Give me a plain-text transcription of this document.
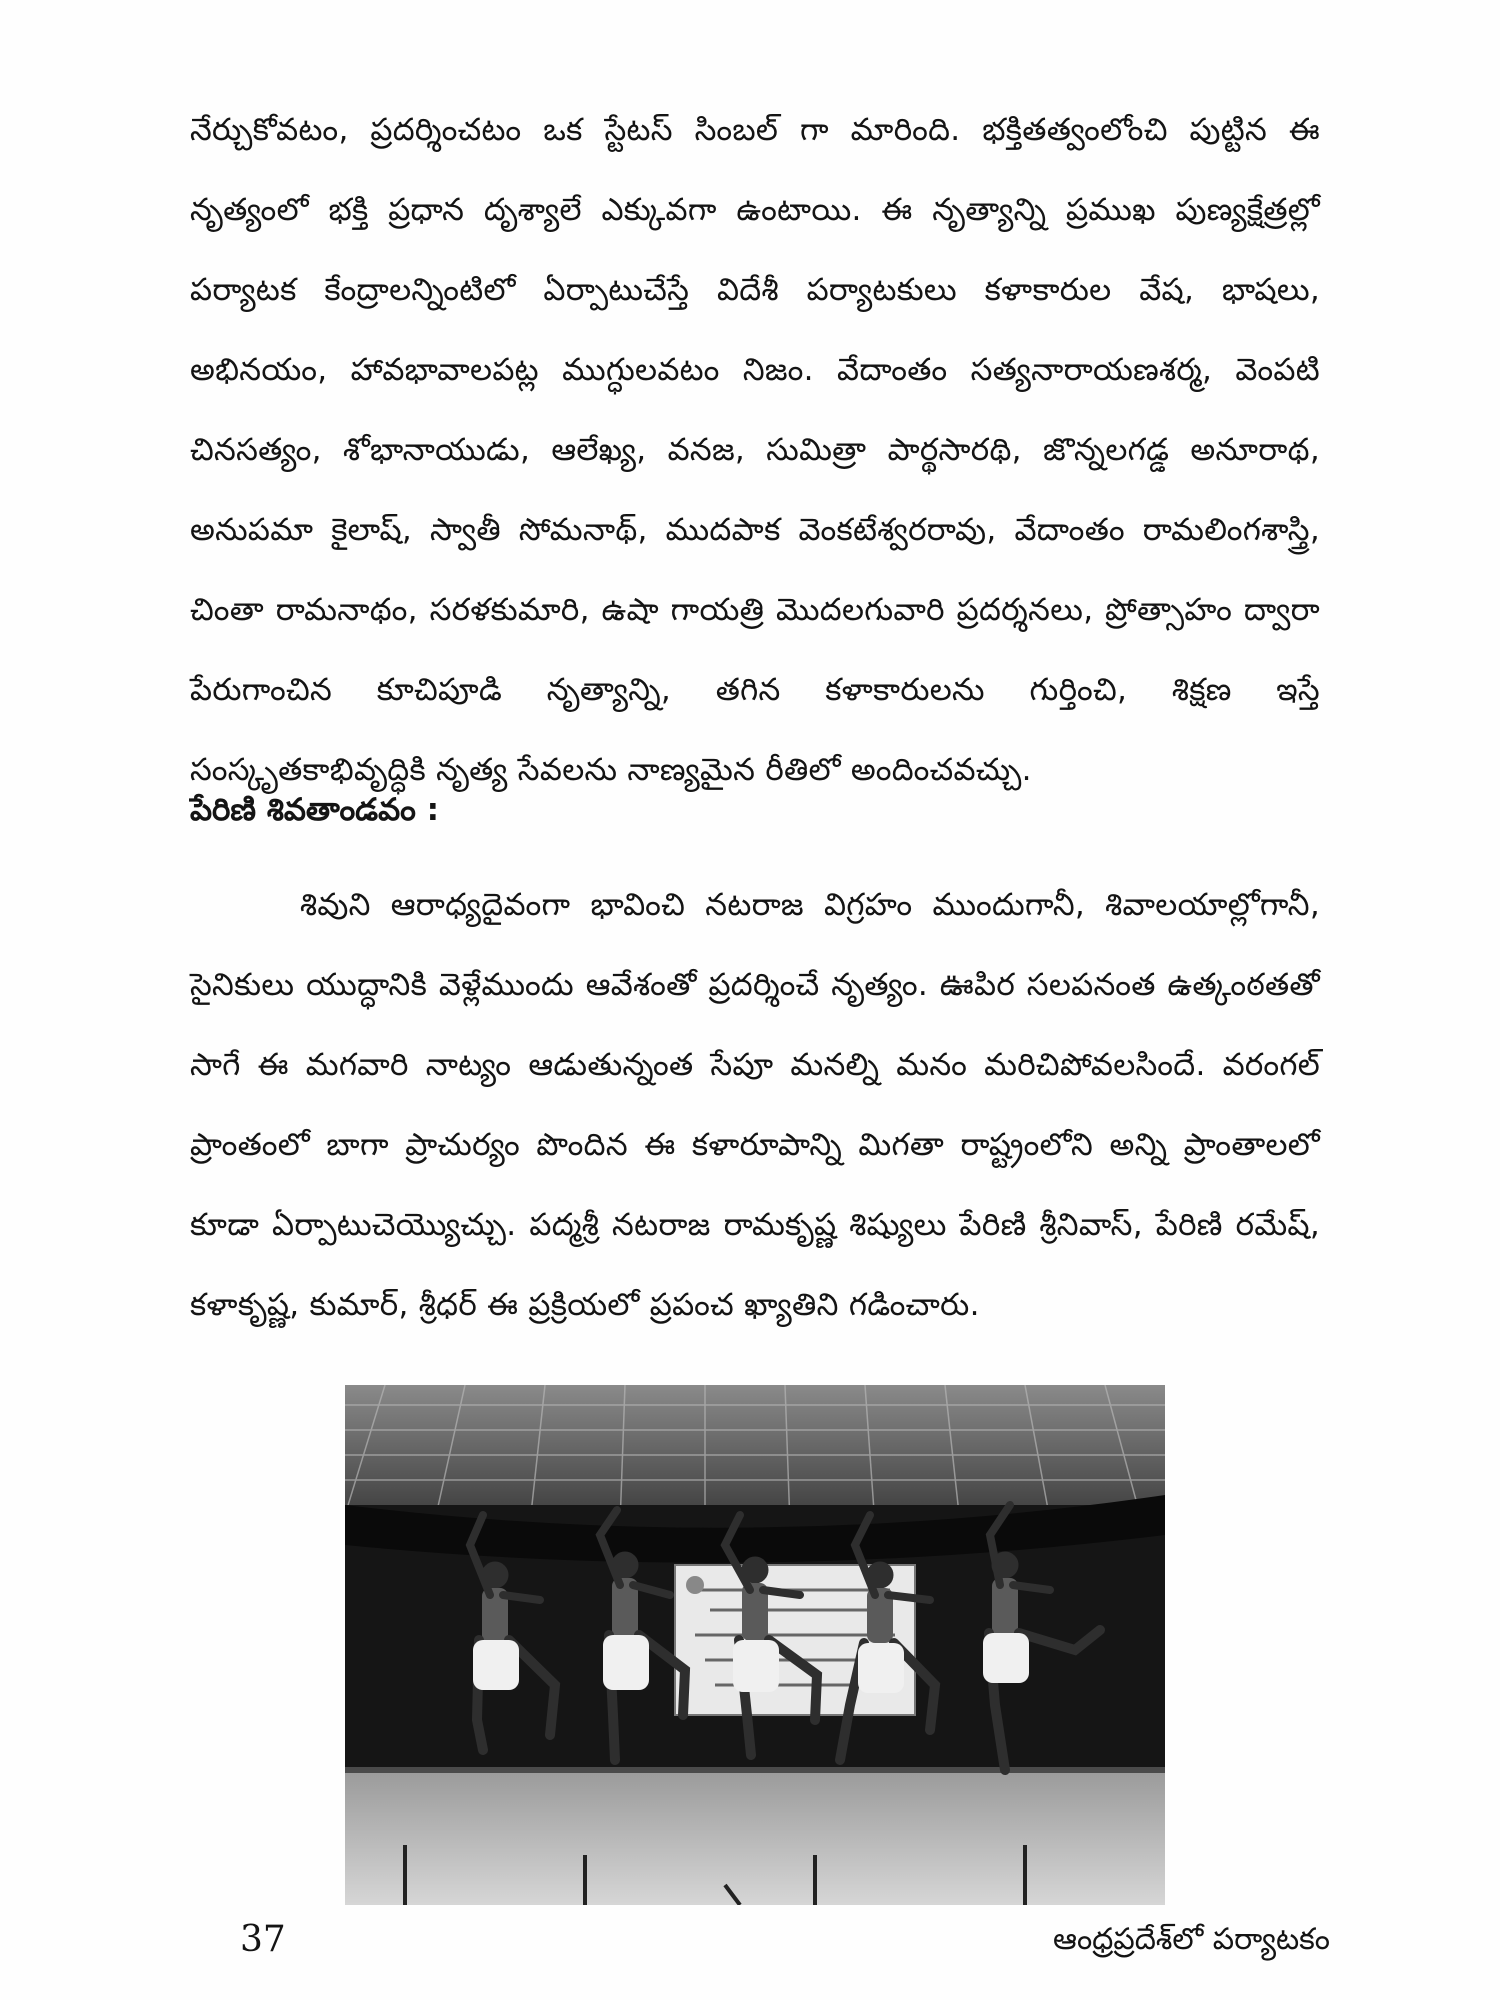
నేర్చుకోవటం, ప్రదర్శించటం ఒక స్టేటస్ సింబల్ గా మారింది. భక్తితత్వంలోంచి పుట్టిన ఈ నృత్యంలో భక్తి ప్రధాన దృశ్యాలే ఎక్కువగా ఉంటాయి. ఈ నృత్యాన్ని ప్రముఖ పుణ్యక్షేత్రల్లో పర్యాటక కేంద్రాలన్నింటిలో ఏర్పాటుచేస్తే విదేశీ పర్యాటకులు కళాకారుల వేష, భాషలు, అభినయం, హావభావాలపట్ల ముగ్ధులవటం నిజం. వేదాంతం సత్యనారాయణశర్మ, వెంపటి చినసత్యం, శోభానాయుడు, ఆలేఖ్య, వనజ, సుమిత్రా పార్థసారథి, జొన్నలగడ్డ అనూరాథ, అనుపమా కైలాష్, స్వాతీ సోమనాథ్, ముదపాక వెంకటేశ్వరరావు, వేదాంతం రామలింగశాస్త్రి, చింతా రామనాథం, సరళకుమారి, ఉషా గాయత్రి మొదలగువారి ప్రదర్శనలు, ప్రోత్సాహం ద్వారా పేరుగాంచిన కూచిపూడి నృత్యాన్ని, తగిన కళాకారులను గుర్తించి, శిక్షణ ఇస్తే సంస్కృతకాభివృద్ధికి నృత్య సేవలను నాణ్యమైన రీతిలో అందించవచ్చు.

పేరిణి శివతాండవం :

శివుని ఆరాధ్యదైవంగా భావించి నటరాజ విగ్రహం ముందుగానీ, శివాలయాల్లోగానీ, సైనికులు యుద్ధానికి వెళ్లేముందు ఆవేశంతో ప్రదర్శించే నృత్యం. ఊపిర సలపనంత ఉత్కంఠతతో సాగే ఈ మగవారి నాట్యం ఆడుతున్నంత సేపూ మనల్ని మనం మరిచిపోవలసిందే. వరంగల్ ప్రాంతంలో బాగా ప్రాచుర్యం పొందిన ఈ కళారూపాన్ని మిగతా రాష్ట్రంలోని అన్ని ప్రాంతాలలో కూడా ఏర్పాటుచెయ్యొచ్చు. పద్మశ్రీ నటరాజ రామకృష్ణ శిష్యులు పేరిణి శ్రీనివాస్, పేరిణి రమేష్, కళాకృష్ణ, కుమార్, శ్రీధర్ ఈ ప్రక్రియలో ప్రపంచ ఖ్యాతిని గడించారు.

37	ఆంధ్రప్రదేశ్‌లో పర్యాటకం
